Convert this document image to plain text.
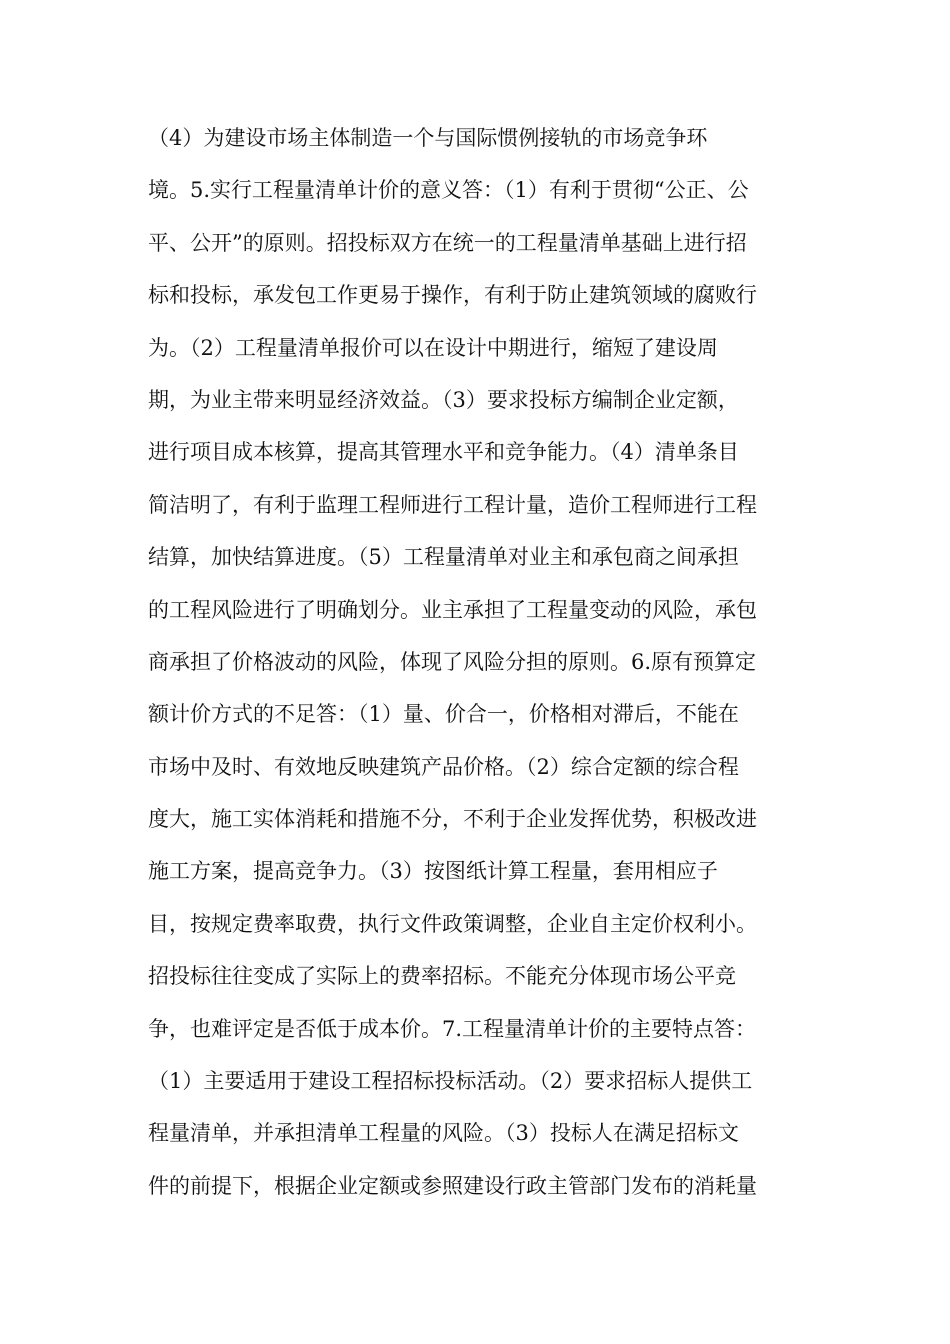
（4）为建设市场主体制造一个与国际惯例接轨的市场竞争环
境。5.实行工程量清单计价的意义答：（1）有利于贯彻“公正、公
平、公开”的原则。招投标双方在统一的工程量清单基础上进行招
标和投标，承发包工作更易于操作，有利于防止建筑领域的腐败行
为。（2）工程量清单报价可以在设计中期进行，缩短了建设周
期，为业主带来明显经济效益。（3）要求投标方编制企业定额，
进行项目成本核算，提高其管理水平和竞争能力。（4）清单条目
简洁明了，有利于监理工程师进行工程计量，造价工程师进行工程
结算，加快结算进度。（5）工程量清单对业主和承包商之间承担
的工程风险进行了明确划分。业主承担了工程量变动的风险，承包
商承担了价格波动的风险，体现了风险分担的原则。6.原有预算定
额计价方式的不足答：（1）量、价合一，价格相对滞后，不能在
市场中及时、有效地反映建筑产品价格。（2）综合定额的综合程
度大，施工实体消耗和措施不分，不利于企业发挥优势，积极改进
施工方案，提高竞争力。（3）按图纸计算工程量，套用相应子
目，按规定费率取费，执行文件政策调整，企业自主定价权利小。
招投标往往变成了实际上的费率招标。不能充分体现市场公平竞
争，也难评定是否低于成本价。7.工程量清单计价的主要特点答：
（1）主要适用于建设工程招标投标活动。（2）要求招标人提供工
程量清单，并承担清单工程量的风险。（3）投标人在满足招标文
件的前提下，根据企业定额或参照建设行政主管部门发布的消耗量
